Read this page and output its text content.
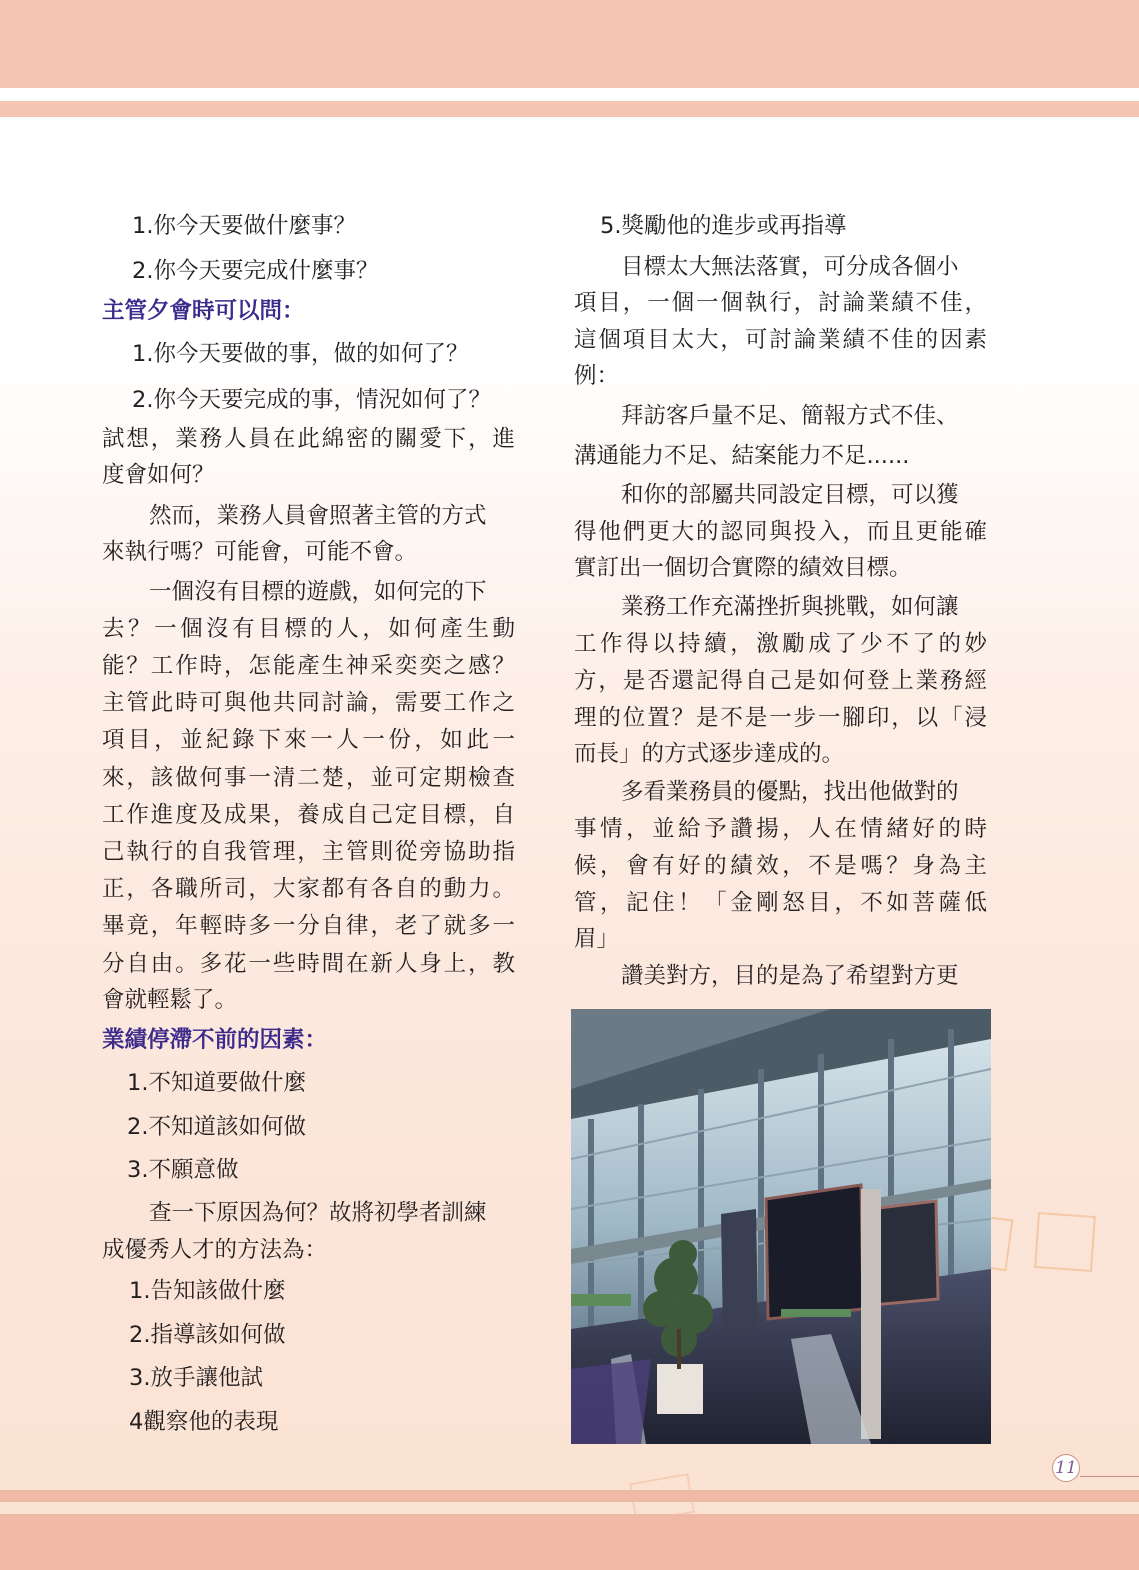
1.你今天要做什麼事？
2.你今天要完成什麼事？
主管夕會時可以問：
1.你今天要做的事，做的如何了？
2.你今天要完成的事，情況如何了？
試想，業務人員在此綿密的關愛下，進
度會如何？
然而，業務人員會照著主管的方式
來執行嗎？可能會，可能不會。
一個沒有目標的遊戲，如何完的下
去？一個沒有目標的人，如何產生動
能？工作時，怎能產生神采奕奕之感？
主管此時可與他共同討論，需要工作之
項目，並紀錄下來一人一份，如此一
來，該做何事一清二楚，並可定期檢查
工作進度及成果，養成自己定目標，自
己執行的自我管理，主管則從旁協助指
正，各職所司，大家都有各自的動力。
畢竟，年輕時多一分自律，老了就多一
分自由。多花一些時間在新人身上，教
會就輕鬆了。
業績停滯不前的因素：
1.不知道要做什麼
2.不知道該如何做
3.不願意做
查一下原因為何？故將初學者訓練
成優秀人才的方法為：
1.告知該做什麼
2.指導該如何做
3.放手讓他試
4觀察他的表現
5.獎勵他的進步或再指導
目標太大無法落實，可分成各個小
項目，一個一個執行，討論業績不佳，
這個項目太大，可討論業績不佳的因素
例：
拜訪客戶量不足、簡報方式不佳、
溝通能力不足、結案能力不足......
和你的部屬共同設定目標，可以獲
得他們更大的認同與投入，而且更能確
實訂出一個切合實際的績效目標。
業務工作充滿挫折與挑戰，如何讓
工作得以持續，激勵成了少不了的妙
方，是否還記得自己是如何登上業務經
理的位置？是不是一步一腳印，以「浸
而長」的方式逐步達成的。
多看業務員的優點，找出他做對的
事情，並給予讚揚，人在情緒好的時
候，會有好的績效，不是嗎？身為主
管，記住！「金剛怒目，不如菩薩低
眉」
讚美對方，目的是為了希望對方更
11
